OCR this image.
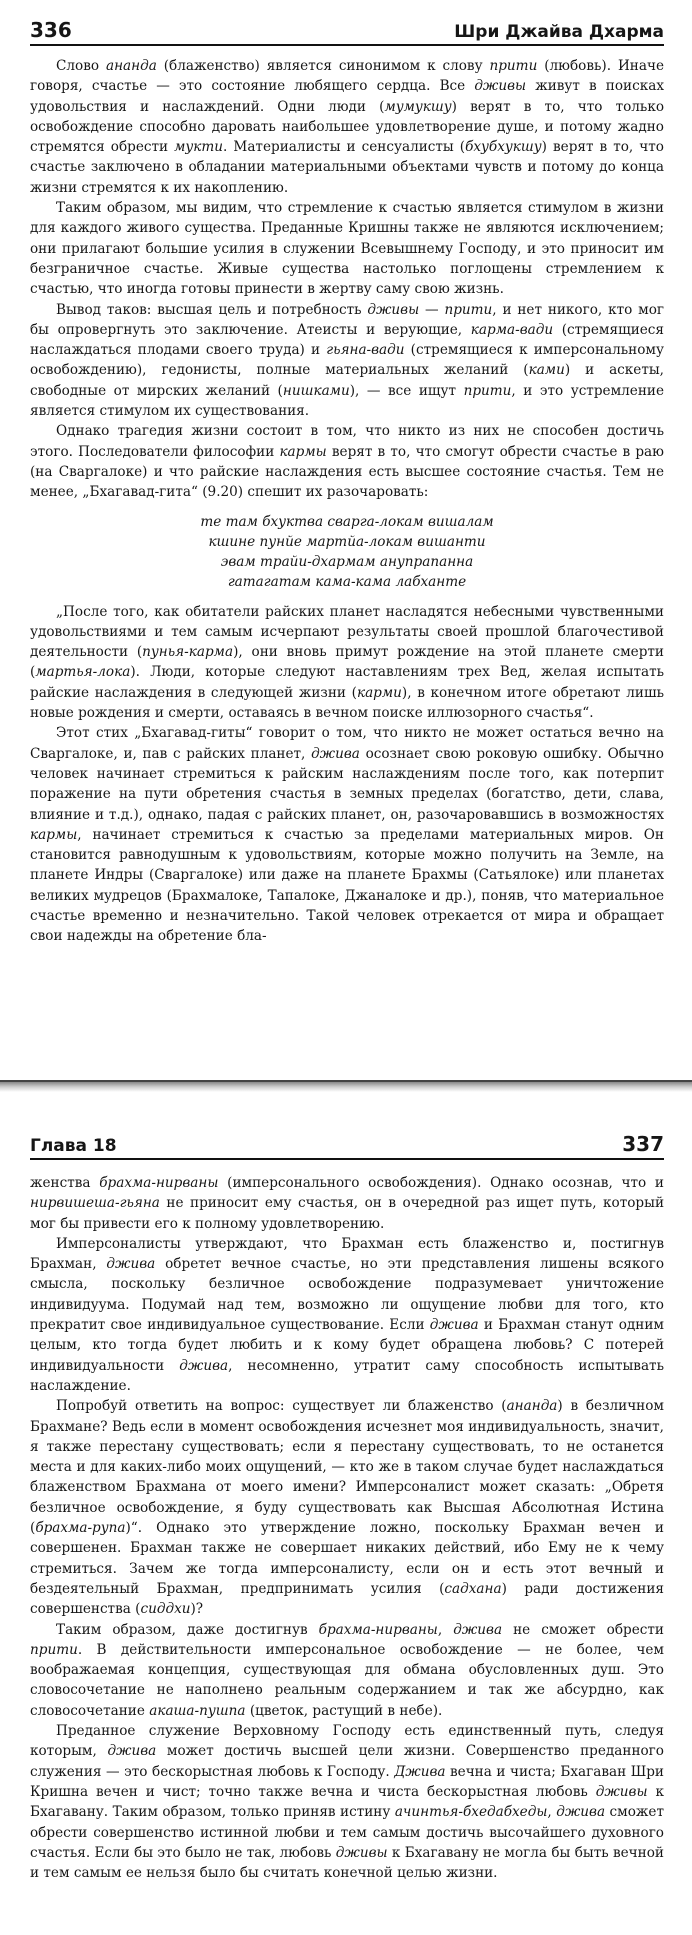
336	Шри Джайва Дхарма

Слово ананда (блаженство) является синонимом к слову прити (любовь). Иначе говоря, счастье — это состояние любящего сердца. Все дживы живут в поисках удовольствия и наслаждений. Одни люди (мумукшу) верят в то, что только освобождение способно даровать наибольшее удовлетворение душе, и потому жадно стремятся обрести мукти. Материалисты и сенсуалисты (бхубхукшу) верят в то, что счастье заключено в обладании материальными объектами чувств и потому до конца жизни стремятся к их накоплению.

Таким образом, мы видим, что стремление к счастью является стимулом в жизни для каждого живого существа. Преданные Кришны также не являются исключением; они прилагают большие усилия в служении Всевышнему Господу, и это приносит им безграничное счастье. Живые существа настолько поглощены стремлением к счастью, что иногда готовы принести в жертву саму свою жизнь.

Вывод таков: высшая цель и потребность дживы — прити, и нет никого, кто мог бы опровергнуть это заключение. Атеисты и верующие, карма-вади (стремящиеся наслаждаться плодами своего труда) и гьяна-вади (стремящиеся к имперсональному освобождению), гедонисты, полные материальных желаний (ками) и аскеты, свободные от мирских желаний (нишками), — все ищут прити, и это устремление является стимулом их существования.

Однако трагедия жизни состоит в том, что никто из них не способен достичь этого. Последователи философии кармы верят в то, что смогут обрести счастье в раю (на Сваргалоке) и что райские наслаждения есть высшее состояние счастья. Тем не менее, „Бхагавад-гита“ (9.20) спешит их разочаровать:

те там бхуктва сварга-локам вишалам
кшине пунйе мартйа-локам вишанти
эвам трайи-дхармам анупрапанна
гатагатам кама-кама лабханте

„После того, как обитатели райских планет насладятся небесными чувственными удовольствиями и тем самым исчерпают результаты своей прошлой благочестивой деятельности (пунья-карма), они вновь примут рождение на этой планете смерти (мартья-лока). Люди, которые следуют наставлениям трех Вед, желая испытать райские наслаждения в следующей жизни (карми), в конечном итоге обретают лишь новые рождения и смерти, оставаясь в вечном поиске иллюзорного счастья“.

Этот стих „Бхагавад-гиты“ говорит о том, что никто не может остаться вечно на Сваргалоке, и, пав с райских планет, джива осознает свою роковую ошибку. Обычно человек начинает стремиться к райским наслаждениям после того, как потерпит поражение на пути обретения счастья в земных пределах (богатство, дети, слава, влияние и т.д.), однако, падая с райских планет, он, разочаровавшись в возможностях кармы, начинает стремиться к счастью за пределами материальных миров. Он становится равнодушным к удовольствиям, которые можно получить на Земле, на планете Индры (Сваргалоке) или даже на планете Брахмы (Сатьялоке) или планетах великих мудрецов (Брахмалоке, Тапалоке, Джаналоке и др.), поняв, что материальное счастье временно и незначительно. Такой человек отрекается от мира и обращает свои надежды на обретение бла-

Глава 18	337

женства брахма-нирваны (имперсонального освобождения). Однако осознав, что и нирвишеша-гьяна не приносит ему счастья, он в очередной раз ищет путь, который мог бы привести его к полному удовлетворению.

Имперсоналисты утверждают, что Брахман есть блаженство и, постигнув Брахман, джива обретет вечное счастье, но эти представления лишены всякого смысла, поскольку безличное освобождение подразумевает уничтожение индивидуума. Подумай над тем, возможно ли ощущение любви для того, кто прекратит свое индивидуальное существование. Если джива и Брахман станут одним целым, кто тогда будет любить и к кому будет обращена любовь? С потерей индивидуальности джива, несомненно, утратит саму способность испытывать наслаждение.

Попробуй ответить на вопрос: существует ли блаженство (ананда) в безличном Брахмане? Ведь если в момент освобождения исчезнет моя индивидуальность, значит, я также перестану существовать; если я перестану существовать, то не останется места и для каких-либо моих ощущений, — кто же в таком случае будет наслаждаться блаженством Брахмана от моего имени? Имперсоналист может сказать: „Обретя безличное освобождение, я буду существовать как Высшая Абсолютная Истина (брахма-рупа)“. Однако это утверждение ложно, поскольку Брахман вечен и совершенен. Брахман также не совершает никаких действий, ибо Ему не к чему стремиться. Зачем же тогда имперсоналисту, если он и есть этот вечный и бездеятельный Брахман, предпринимать усилия (садхана) ради достижения совершенства (сиддхи)?

Таким образом, даже достигнув брахма-нирваны, джива не сможет обрести прити. В действительности имперсональное освобождение — не более, чем воображаемая концепция, существующая для обмана обусловленных душ. Это словосочетание не наполнено реальным содержанием и так же абсурдно, как словосочетание акаша-пушпа (цветок, растущий в небе).

Преданное служение Верховному Господу есть единственный путь, следуя которым, джива может достичь высшей цели жизни. Совершенство преданного служения — это бескорыстная любовь к Господу. Джива вечна и чиста; Бхагаван Шри Кришна вечен и чист; точно также вечна и чиста бескорыстная любовь дживы к Бхагавану. Таким образом, только приняв истину ачинтья-бхедабхеды, джива сможет обрести совершенство истинной любви и тем самым достичь высочайшего духовного счастья. Если бы это было не так, любовь дживы к Бхагавану не могла бы быть вечной и тем самым ее нельзя было бы считать конечной целью жизни.
